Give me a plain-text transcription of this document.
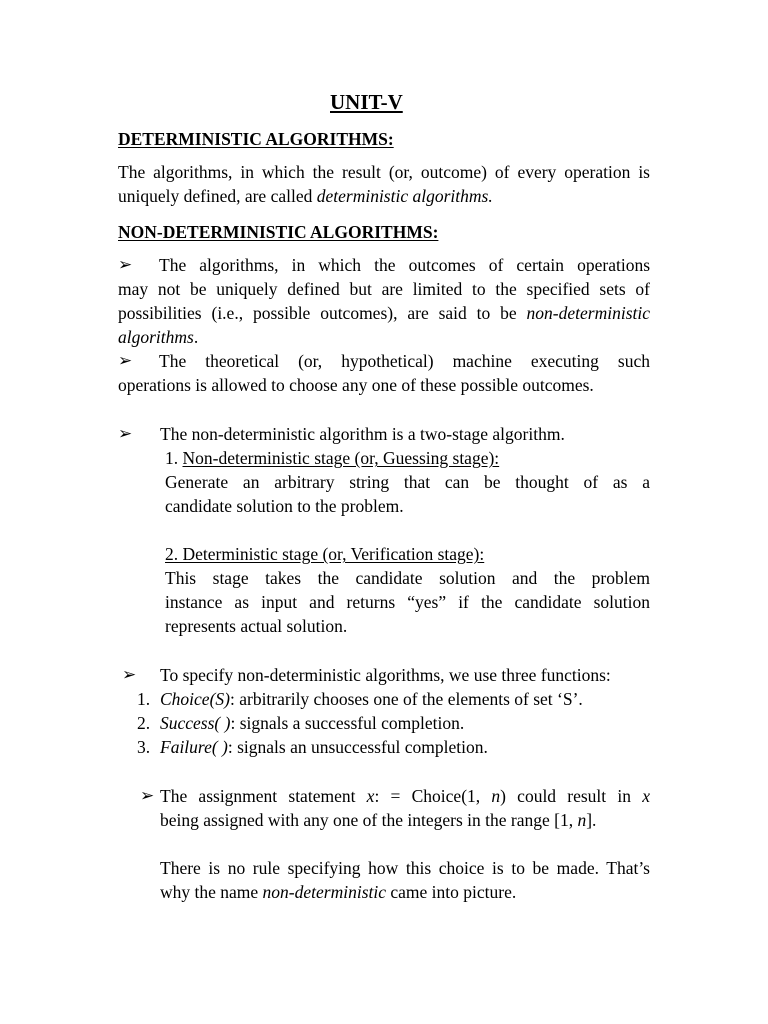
UNIT-V
DETERMINISTIC ALGORITHMS:
The algorithms, in which the result (or, outcome) of every operation is
uniquely defined, are called deterministic algorithms.
NON-DETERMINISTIC ALGORITHMS:
➢ The algorithms, in which the outcomes of certain operations
may not be uniquely defined but are limited to the specified sets of
possibilities (i.e., possible outcomes), are said to be non-deterministic
algorithms.
➢ The theoretical (or, hypothetical) machine executing such
operations is allowed to choose any one of these possible outcomes.
➢ The non-deterministic algorithm is a two-stage algorithm.
1. Non-deterministic stage (or, Guessing stage):
Generate an arbitrary string that can be thought of as a
candidate solution to the problem.
2. Deterministic stage (or, Verification stage):
This stage takes the candidate solution and the problem
instance as input and returns “yes” if the candidate solution
represents actual solution.
➢ To specify non-deterministic algorithms, we use three functions:
1. Choice(S): arbitrarily chooses one of the elements of set ‘S’.
2. Success( ): signals a successful completion.
3. Failure( ): signals an unsuccessful completion.
➢ The assignment statement x: = Choice(1, n) could result in x
being assigned with any one of the integers in the range [1, n].
There is no rule specifying how this choice is to be made. That’s
why the name non-deterministic came into picture.
